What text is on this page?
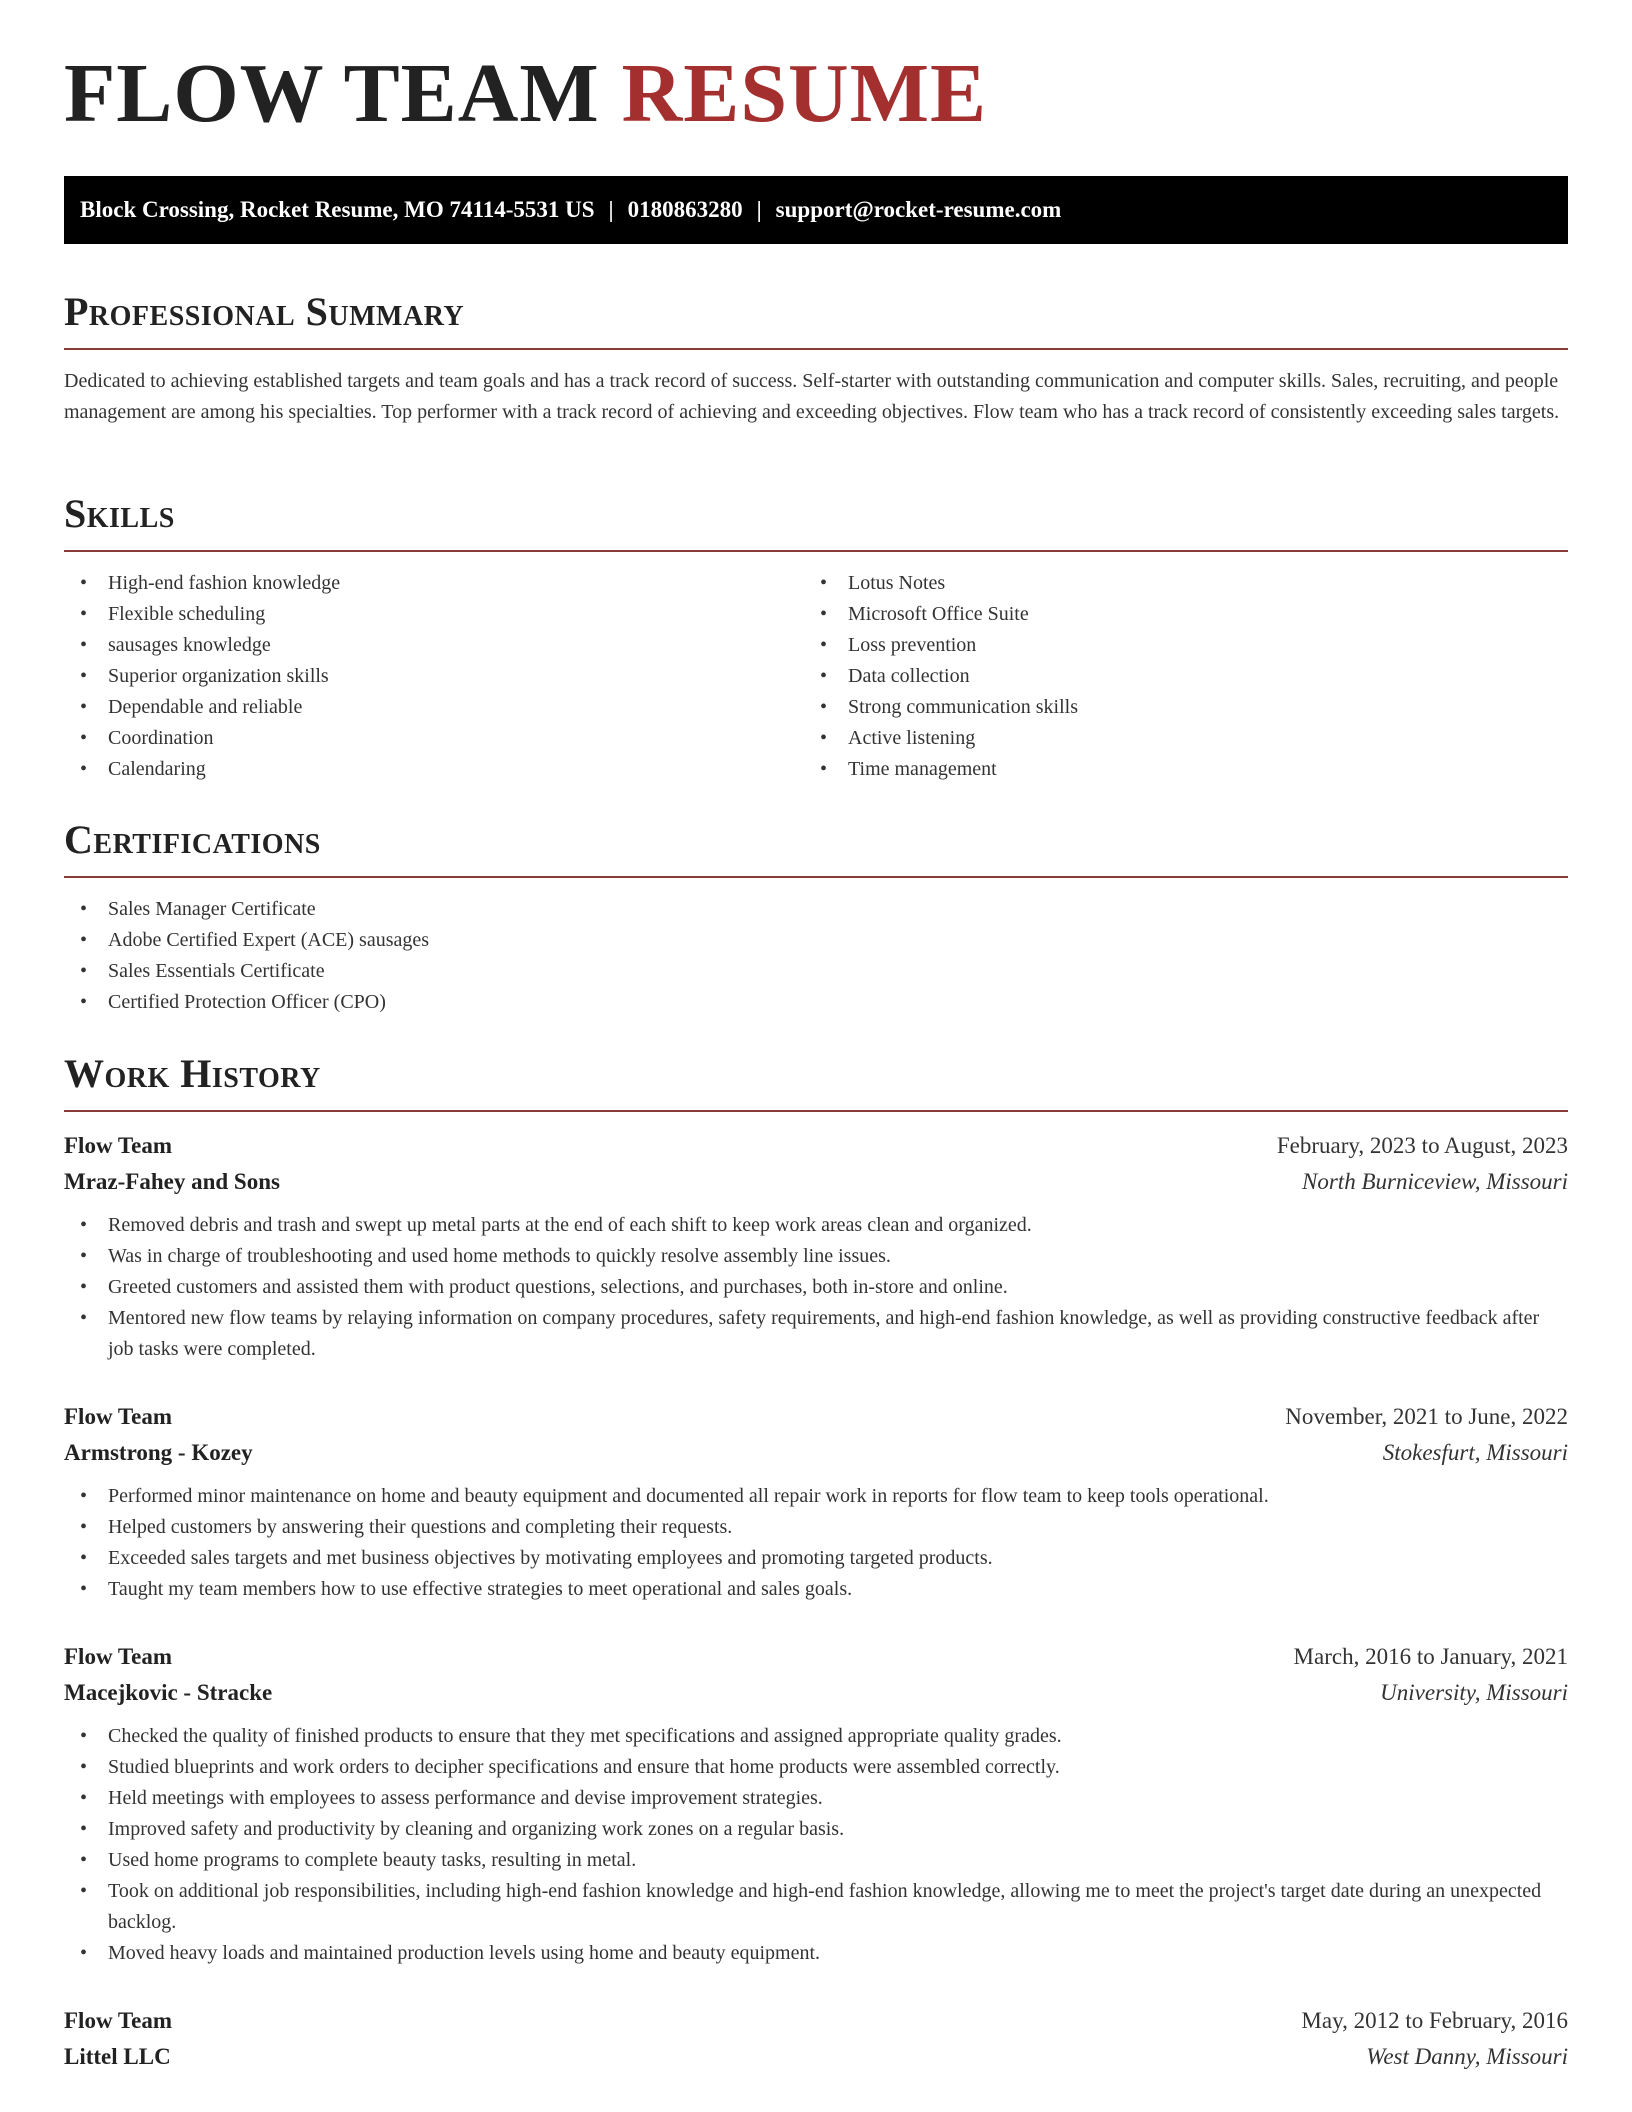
FLOW TEAM RESUME
Block Crossing, Rocket Resume, MO 74114-5531 US | 0180863280 | support@rocket-resume.com
Professional Summary
Dedicated to achieving established targets and team goals and has a track record of success. Self-starter with outstanding communication and computer skills. Sales, recruiting, and people management are among his specialties. Top performer with a track record of achieving and exceeding objectives. Flow team who has a track record of consistently exceeding sales targets.
Skills
• High-end fashion knowledge
• Flexible scheduling
• sausages knowledge
• Superior organization skills
• Dependable and reliable
• Coordination
• Calendaring
• Lotus Notes
• Microsoft Office Suite
• Loss prevention
• Data collection
• Strong communication skills
• Active listening
• Time management
Certifications
• Sales Manager Certificate
• Adobe Certified Expert (ACE) sausages
• Sales Essentials Certificate
• Certified Protection Officer (CPO)
Work History
Flow Team	February, 2023 to August, 2023
Mraz-Fahey and Sons	North Burniceview, Missouri
• Removed debris and trash and swept up metal parts at the end of each shift to keep work areas clean and organized.
• Was in charge of troubleshooting and used home methods to quickly resolve assembly line issues.
• Greeted customers and assisted them with product questions, selections, and purchases, both in-store and online.
• Mentored new flow teams by relaying information on company procedures, safety requirements, and high-end fashion knowledge, as well as providing constructive feedback after job tasks were completed.
Flow Team	November, 2021 to June, 2022
Armstrong - Kozey	Stokesfurt, Missouri
• Performed minor maintenance on home and beauty equipment and documented all repair work in reports for flow team to keep tools operational.
• Helped customers by answering their questions and completing their requests.
• Exceeded sales targets and met business objectives by motivating employees and promoting targeted products.
• Taught my team members how to use effective strategies to meet operational and sales goals.
Flow Team	March, 2016 to January, 2021
Macejkovic - Stracke	University, Missouri
• Checked the quality of finished products to ensure that they met specifications and assigned appropriate quality grades.
• Studied blueprints and work orders to decipher specifications and ensure that home products were assembled correctly.
• Held meetings with employees to assess performance and devise improvement strategies.
• Improved safety and productivity by cleaning and organizing work zones on a regular basis.
• Used home programs to complete beauty tasks, resulting in metal.
• Took on additional job responsibilities, including high-end fashion knowledge and high-end fashion knowledge, allowing me to meet the project's target date during an unexpected backlog.
• Moved heavy loads and maintained production levels using home and beauty equipment.
Flow Team	May, 2012 to February, 2016
Littel LLC	West Danny, Missouri
